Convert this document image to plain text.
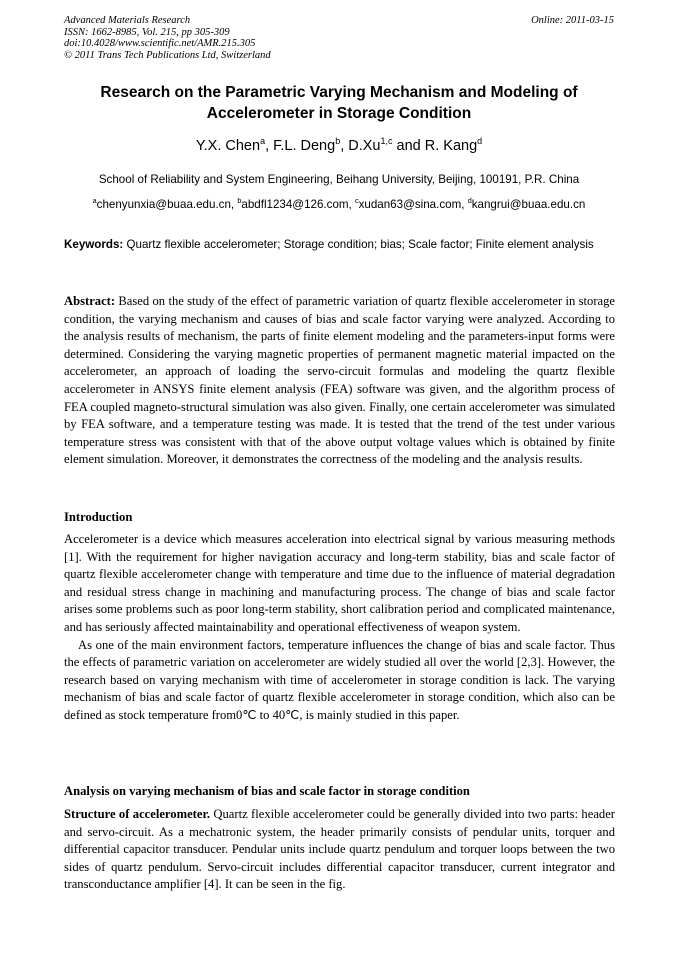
Advanced Materials Research
ISSN: 1662-8985, Vol. 215, pp 305-309
doi:10.4028/www.scientific.net/AMR.215.305
© 2011 Trans Tech Publications Ltd, Switzerland
Online: 2011-03-15
Research on the Parametric Varying Mechanism and Modeling of Accelerometer in Storage Condition
Y.X. Chen$^a$, F.L. Deng$^b$, D.Xu$^{1,c}$ and R. Kang$^d$
School of Reliability and System Engineering, Beihang University, Beijing, 100191, P.R. China
$^a$chenyunxia@buaa.edu.cn, $^b$abdfl1234@126.com, $^c$xudan63@sina.com, $^d$kangrui@buaa.edu.cn
Keywords: Quartz flexible accelerometer; Storage condition; bias; Scale factor; Finite element analysis
Abstract: Based on the study of the effect of parametric variation of quartz flexible accelerometer in storage condition, the varying mechanism and causes of bias and scale factor varying were analyzed. According to the analysis results of mechanism, the parts of finite element modeling and the parameters-input forms were determined. Considering the varying magnetic properties of permanent magnetic material impacted on the accelerometer, an approach of loading the servo-circuit formulas and modeling the quartz flexible accelerometer in ANSYS finite element analysis (FEA) software was given, and the algorithm process of FEA coupled magneto-structural simulation was also given. Finally, one certain accelerometer was simulated by FEA software, and a temperature testing was made. It is tested that the trend of the test under various temperature stress was consistent with that of the above output voltage values which is obtained by finite element simulation. Moreover, it demonstrates the correctness of the modeling and the analysis results.
Introduction

Accelerometer is a device which measures acceleration into electrical signal by various measuring methods [1]. With the requirement for higher navigation accuracy and long-term stability, bias and scale factor of quartz flexible accelerometer change with temperature and time due to the influence of material degradation and residual stress change in machining and manufacturing process. The change of bias and scale factor arises some problems such as poor long-term stability, short calibration period and complicated maintenance, and has seriously affected maintainability and operational effectiveness of weapon system.

As one of the main environment factors, temperature influences the change of bias and scale factor. Thus the effects of parametric variation on accelerometer are widely studied all over the world [2,3]. However, the research based on varying mechanism with time of accelerometer in storage condition is lack. The varying mechanism of bias and scale factor of quartz flexible accelerometer in storage condition, which also can be defined as stock temperature from0℃ to 40℃, is mainly studied in this paper.

Analysis on varying mechanism of bias and scale factor in storage condition
Structure of accelerometer. Quartz flexible accelerometer could be generally divided into two parts: header and servo-circuit. As a mechatronic system, the header primarily consists of pendular units, torquer and differential capacitor transducer. Pendular units include quartz pendulum and torquer loops between the two sides of quartz pendulum. Servo-circuit includes differential capacitor transducer, current integrator and transconductance amplifier [4]. It can be seen in the fig.
